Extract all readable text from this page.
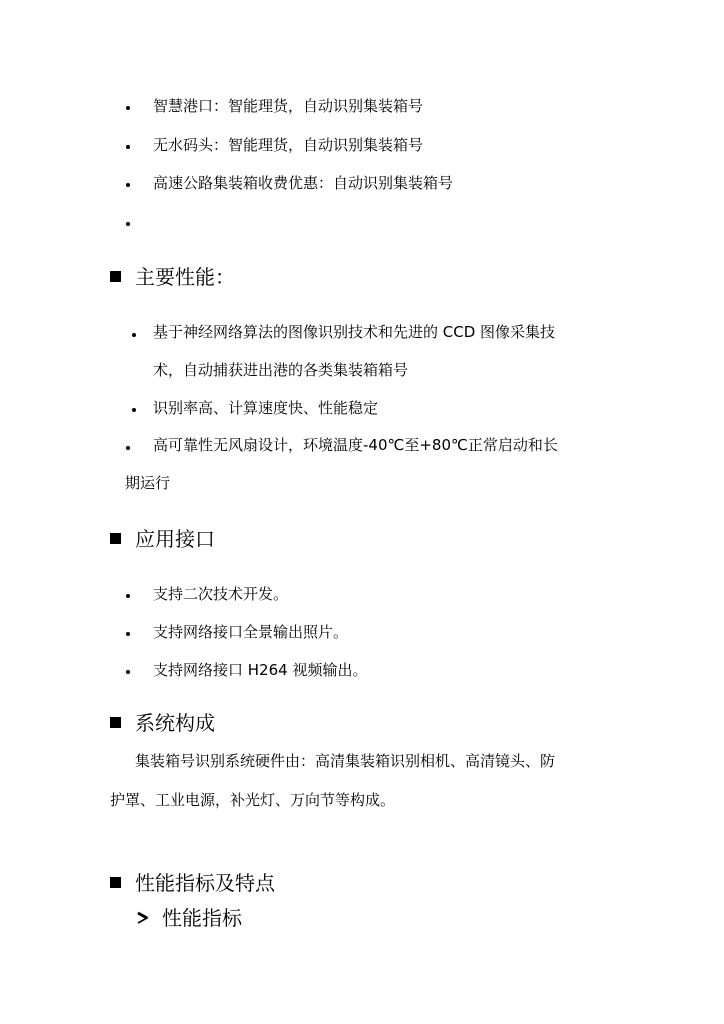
智慧港口：智能理货，自动识别集装箱号
无水码头：智能理货，自动识别集装箱号
高速公路集装箱收费优惠：自动识别集装箱号
主要性能：
基于神经网络算法的图像识别技术和先进的 CCD 图像采集技
术，自动捕获进出港的各类集装箱箱号
识别率高、计算速度快、性能稳定
高可靠性无风扇设计，环境温度-40℃至+80℃正常启动和长
期运行
应用接口
支持二次技术开发。
支持网络接口全景输出照片。
支持网络接口 H264 视频输出。
系统构成
集装箱号识别系统硬件由：高清集装箱识别相机、高清镜头、防
护罩、工业电源，补光灯、万向节等构成。
性能指标及特点
性能指标
